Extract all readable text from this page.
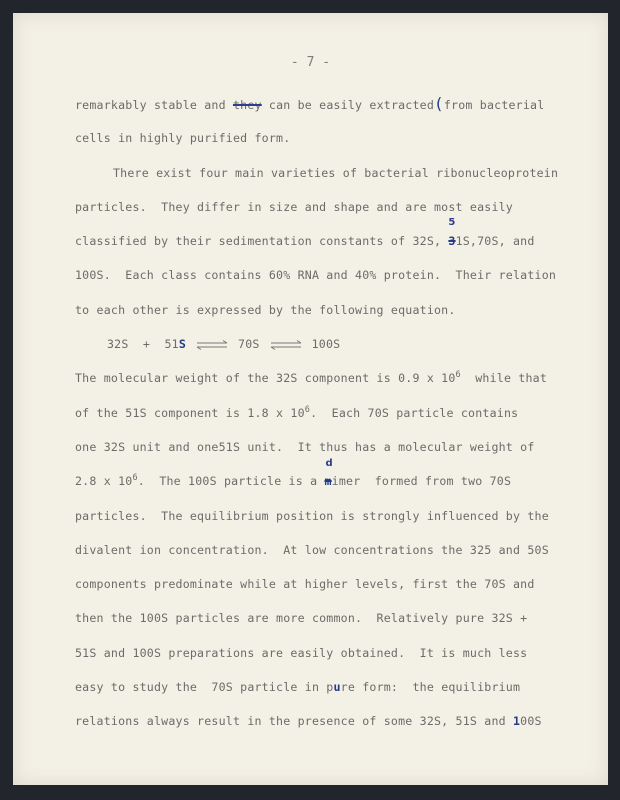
- 7 -
remarkably stable and they can be easily extracted(from bacterial
cells in highly purified form.
There exist four main varieties of bacterial ribonucleoprotein
particles.  They differ in size and shape and are most easily
classified by their sedimentation constants of 32S,
5
31S,70S, and
100S.  Each class contains 60% RNA and 40% protein.  Their relation
to each other is expressed by the following equation.
32S + 51S ⇌ 70S ⇌ 100S
The molecular weight of the 32S component is 0.9 x $10^6$  while that
of the 51S component is 1.8 x $10^6$.  Each 70S particle contains
one 32S unit and one51S unit.  It thus has a molecular weight of
2.8 x $10^6$.  The 100S particle is a
d
mimer  formed from two 70S
particles.  The equilibrium position is strongly influenced by the
divalent ion concentration.  At low concentrations the 325 and 50S
components predominate while at higher levels, first the 70S and
then the 100S particles are more common.  Relatively pure 32S +
51S and 100S preparations are easily obtained.  It is much less
easy to study the  70S particle in pure form:  the equilibrium
relations always result in the presence of some 32S, 51S and 100S
